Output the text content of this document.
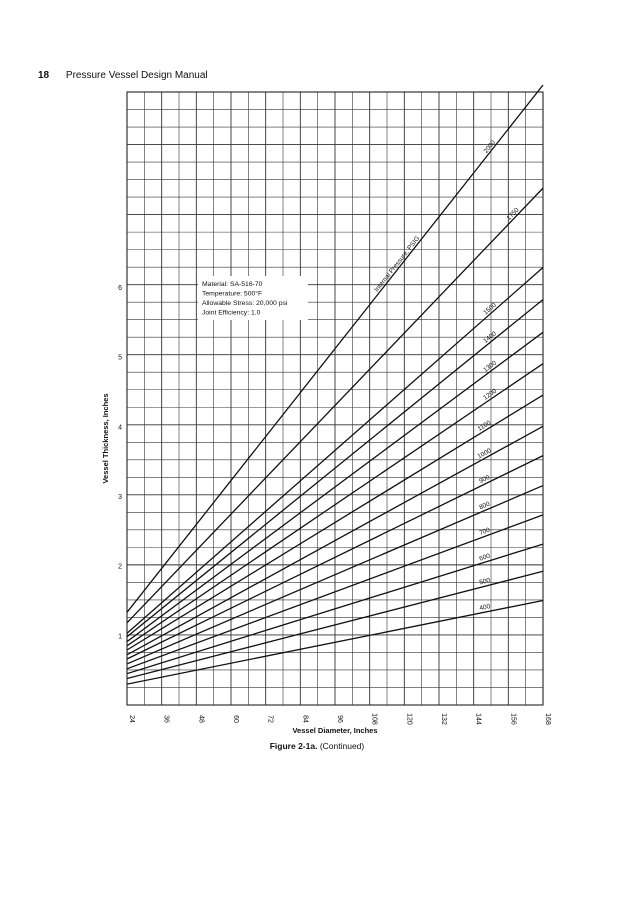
18 Pressure Vessel Design Manual
1
2
3
4
5
6
24	36	48	60	72	84	96	108	120	132	144	156	168
Vessel Diameter, Inches
Vessel Thickness, Inches
2000
1750
1500
1400
1300
1200
1100
1000
900
800
700
600
500
400
Internal Pressure, PSIG
Material: SA-516-70
Temperature: 500°F
Allowable Stress: 20,000 psi
Joint Efficiency: 1.0
Figure 2-1a. (Continued)
